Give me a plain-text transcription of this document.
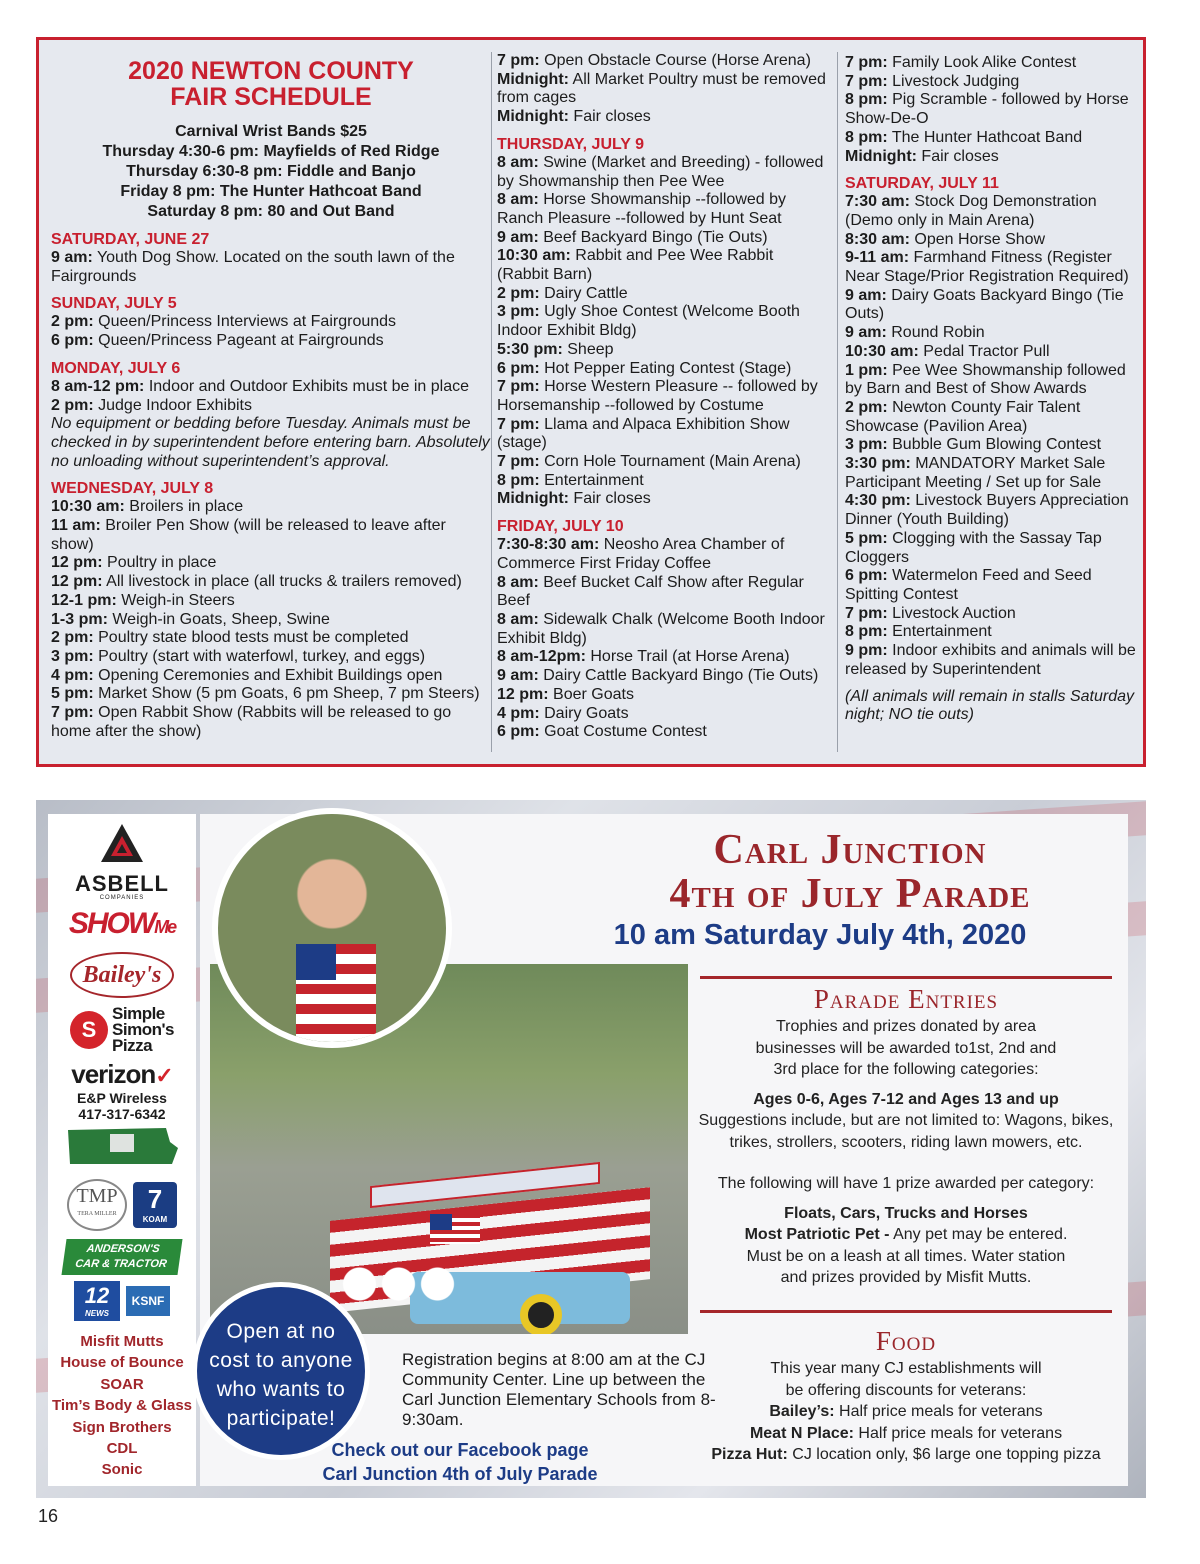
2020 NEWTON COUNTY
FAIR SCHEDULE
Carnival Wrist Bands $25
Thursday 4:30-6 pm: Mayfields of Red Ridge
Thursday 6:30-8 pm: Fiddle and Banjo
Friday 8 pm: The Hunter Hathcoat Band
Saturday 8 pm: 80 and Out Band
SATURDAY, JUNE 27
9 am: Youth Dog Show. Located on the south lawn of the Fairgrounds
SUNDAY, JULY 5
2 pm: Queen/Princess Interviews at Fairgrounds
6 pm: Queen/Princess Pageant at Fairgrounds
MONDAY, JULY 6
8 am-12 pm: Indoor and Outdoor Exhibits must be in place
2 pm: Judge Indoor Exhibits
No equipment or bedding before Tuesday. Animals must be checked in by superintendent before entering barn. Absolutely no unloading without superintendent’s approval.
WEDNESDAY, JULY 8
10:30 am: Broilers in place
11 am: Broiler Pen Show (will be released to leave after show)
12 pm: Poultry in place
12 pm: All livestock in place (all trucks & trailers removed)
12-1 pm: Weigh-in Steers
1-3 pm: Weigh-in Goats, Sheep, Swine
2 pm: Poultry state blood tests must be completed
3 pm: Poultry (start with waterfowl, turkey, and eggs)
4 pm: Opening Ceremonies and Exhibit Buildings open
5 pm: Market Show (5 pm Goats, 6 pm Sheep, 7 pm Steers)
7 pm: Open Rabbit Show (Rabbits will be released to go home after the show)
7 pm: Open Obstacle Course (Horse Arena)
Midnight: All Market Poultry must be removed from cages
Midnight: Fair closes
THURSDAY, JULY 9
8 am: Swine (Market and Breeding) - followed by Showmanship then Pee Wee
8 am: Horse Showmanship --followed by Ranch Pleasure --followed by Hunt Seat
9 am: Beef Backyard Bingo (Tie Outs)
10:30 am: Rabbit and Pee Wee Rabbit (Rabbit Barn)
2 pm: Dairy Cattle
3 pm: Ugly Shoe Contest (Welcome Booth Indoor Exhibit Bldg)
5:30 pm: Sheep
6 pm: Hot Pepper Eating Contest (Stage)
7 pm: Horse Western Pleasure -- followed by Horsemanship --followed by Costume
7 pm: Llama and Alpaca Exhibition Show (stage)
7 pm: Corn Hole Tournament (Main Arena)
8 pm: Entertainment
Midnight: Fair closes
FRIDAY, JULY 10
7:30-8:30 am: Neosho Area Chamber of Commerce First Friday Coffee
8 am: Beef Bucket Calf Show after Regular Beef
8 am: Sidewalk Chalk (Welcome Booth Indoor Exhibit Bldg)
8 am-12pm: Horse Trail (at Horse Arena)
9 am: Dairy Cattle Backyard Bingo (Tie Outs)
12 pm: Boer Goats
4 pm: Dairy Goats
6 pm: Goat Costume Contest
7 pm: Family Look Alike Contest
7 pm: Livestock Judging
8 pm: Pig Scramble - followed by Horse Show-De-O
8 pm: The Hunter Hathcoat Band
Midnight: Fair closes
SATURDAY, JULY 11
7:30 am: Stock Dog Demonstration (Demo only in Main Arena)
8:30 am: Open Horse Show
9-11 am: Farmhand Fitness (Register Near Stage/Prior Registration Required)
9 am: Dairy Goats Backyard Bingo (Tie Outs)
9 am: Round Robin
10:30 am: Pedal Tractor Pull
1 pm: Pee Wee Showmanship followed by Barn and Best of Show Awards
2 pm: Newton County Fair Talent Showcase (Pavilion Area)
3 pm: Bubble Gum Blowing Contest
3:30 pm: MANDATORY Market Sale Participant Meeting / Set up for Sale
4:30 pm: Livestock Buyers Appreciation Dinner (Youth Building)
5 pm: Clogging with the Sassay Tap Cloggers
6 pm: Watermelon Feed and Seed Spitting Contest
7 pm: Livestock Auction
8 pm: Entertainment
9 pm: Indoor exhibits and animals will be released by Superintendent
(All animals will remain in stalls Saturday night; NO tie outs)
ASBELL
COMPANIES
SHOWMe
Bailey's
S
Simple
Simon's
Pizza
verizon✓
E&P Wireless
417-317-6342
TMP
TERA MILLER	7
KOAM
ANDERSON'S
CAR & TRACTOR
12
NEWS
KSNF
Misfit Mutts
House of Bounce
SOAR
Tim’s Body & Glass
Sign Brothers
CDL
Sonic
Carl Junction
4th of July Parade
10 am Saturday July 4th, 2020
Parade Entries
Trophies and prizes donated by area businesses will be awarded to1st, 2nd and 3rd place for the following categories:
Ages 0-6, Ages 7-12 and Ages 13 and up
Suggestions include, but are not limited to: Wagons, bikes, trikes, strollers, scooters, riding lawn mowers, etc.
The following will have 1 prize awarded per category:
Floats, Cars, Trucks and Horses
Most Patriotic Pet - Any pet may be entered. Must be on a leash at all times. Water station and prizes provided by Misfit Mutts.
Food
This year many CJ establishments will be offering discounts for veterans:
Bailey’s: Half price meals for veterans
Meat N Place: Half price meals for veterans
Pizza Hut: CJ location only, $6 large one topping pizza
Open at no
cost to anyone
who wants to
participate!
Registration begins at 8:00 am at the CJ Community Center. Line up between the Carl Junction Elementary Schools from 8-9:30am.
Check out our Facebook page
Carl Junction 4th of July Parade
16
